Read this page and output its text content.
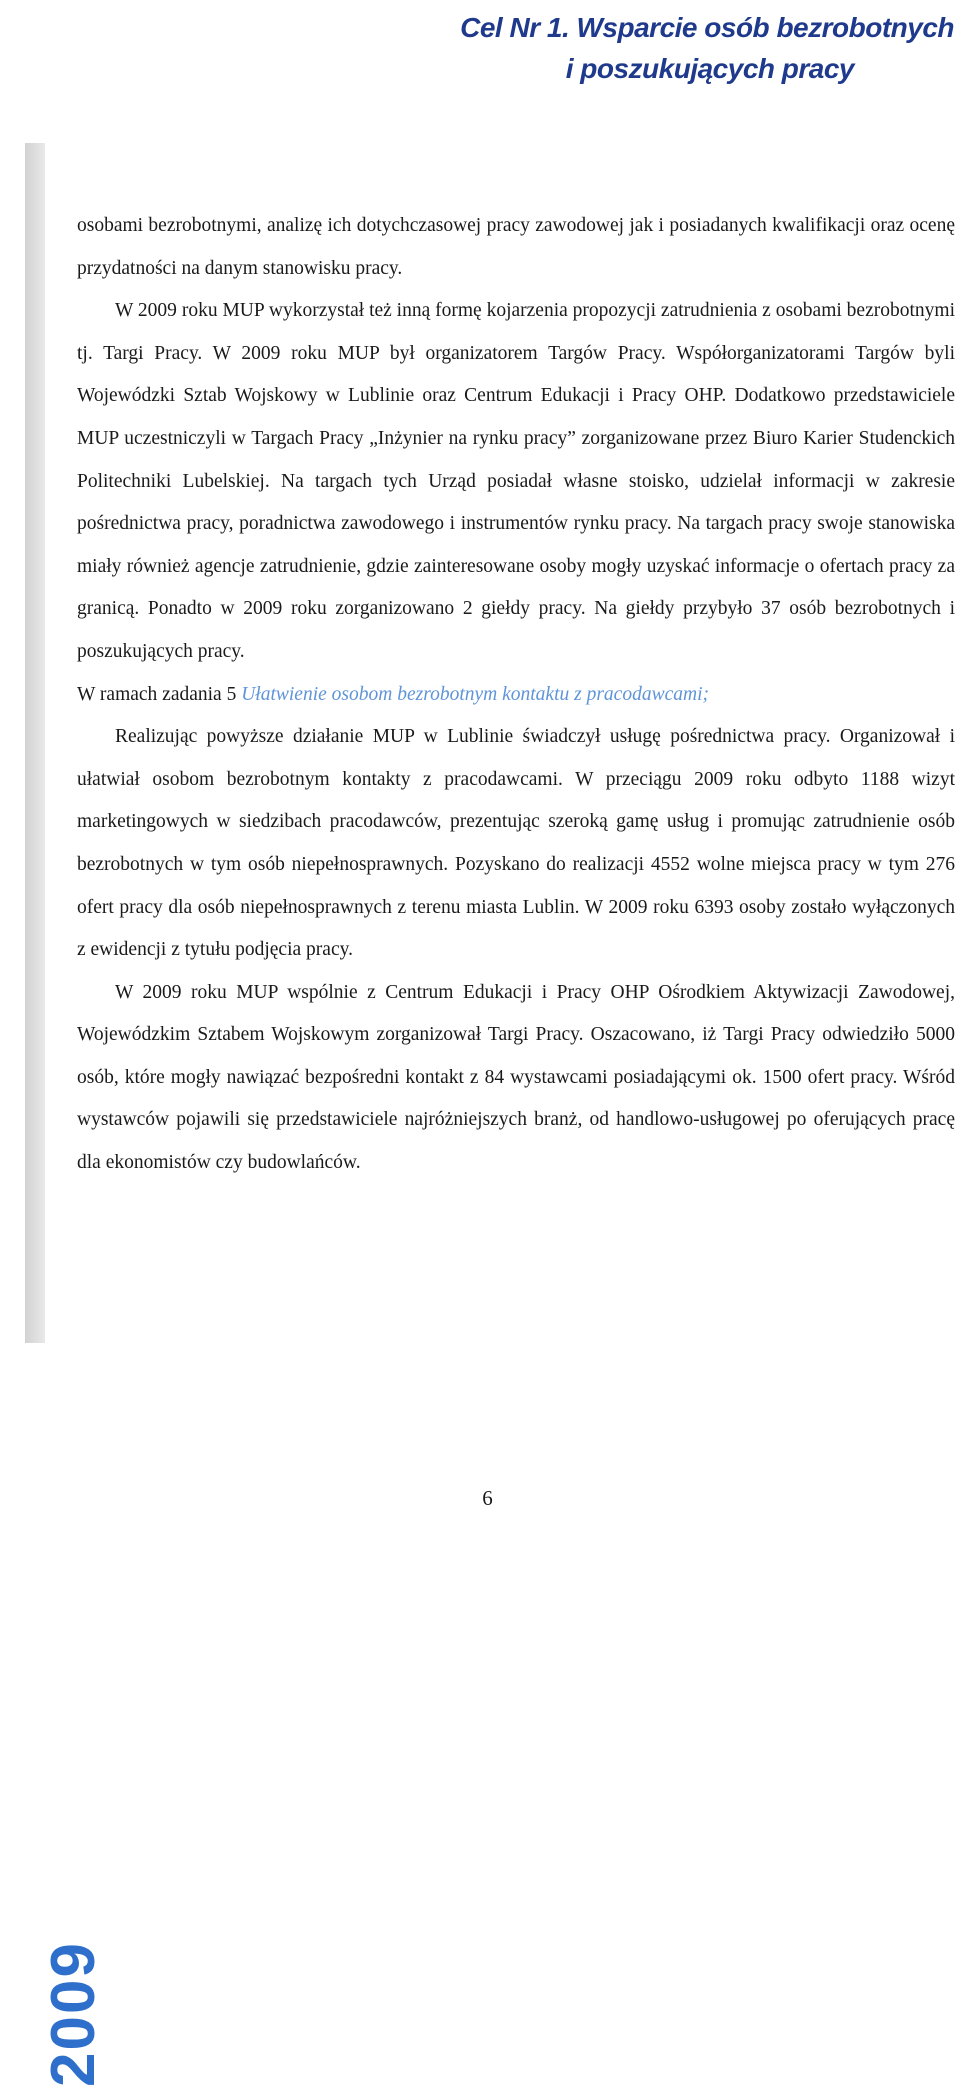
Cel Nr 1. Wsparcie osób bezrobotnych
i poszukujących pracy
2009

osobami bezrobotnymi, analizę ich dotychczasowej pracy zawodowej jak i posiadanych kwalifikacji oraz ocenę przydatności na danym stanowisku pracy.

W 2009 roku MUP wykorzystał też inną formę kojarzenia propozycji zatrudnienia z osobami bezrobotnymi tj. Targi Pracy. W 2009 roku MUP był organizatorem Targów Pracy. Współorganizatorami Targów byli Wojewódzki Sztab Wojskowy w Lublinie oraz Centrum Edukacji i Pracy OHP. Dodatkowo przedstawiciele MUP uczestniczyli w Targach Pracy „Inżynier na rynku pracy” zorganizowane przez Biuro Karier Studenckich Politechniki Lubelskiej. Na targach tych Urząd posiadał własne stoisko, udzielał informacji w zakresie pośrednictwa pracy, poradnictwa zawodowego i instrumentów rynku pracy. Na targach pracy swoje stanowiska miały również agencje zatrudnienie, gdzie zainteresowane osoby mogły uzyskać informacje o ofertach pracy za granicą. Ponadto w 2009 roku zorganizowano 2 giełdy pracy. Na giełdy przybyło 37 osób bezrobotnych i poszukujących pracy.

W ramach zadania 5 Ułatwienie osobom bezrobotnym kontaktu z pracodawcami;

Realizując powyższe działanie MUP w Lublinie świadczył usługę pośrednictwa pracy. Organizował i ułatwiał osobom bezrobotnym kontakty z pracodawcami. W przeciągu 2009 roku odbyto 1188 wizyt marketingowych w siedzibach pracodawców, prezentując szeroką gamę usług i promując zatrudnienie osób bezrobotnych w tym osób niepełnosprawnych. Pozyskano do realizacji 4552 wolne miejsca pracy w tym 276 ofert pracy dla osób niepełnosprawnych z terenu miasta Lublin. W 2009 roku 6393 osoby zostało wyłączonych z ewidencji z tytułu podjęcia pracy.

W 2009 roku MUP wspólnie z Centrum Edukacji i Pracy OHP Ośrodkiem Aktywizacji Zawodowej, Wojewódzkim Sztabem Wojskowym zorganizował Targi Pracy. Oszacowano, iż Targi Pracy odwiedziło 5000 osób, które mogły nawiązać bezpośredni kontakt z 84 wystawcami posiadającymi ok. 1500 ofert pracy. Wśród wystawców pojawili się przedstawiciele najróżniejszych branż, od handlowo-usługowej po oferujących pracę dla ekonomistów czy budowlańców.

6
